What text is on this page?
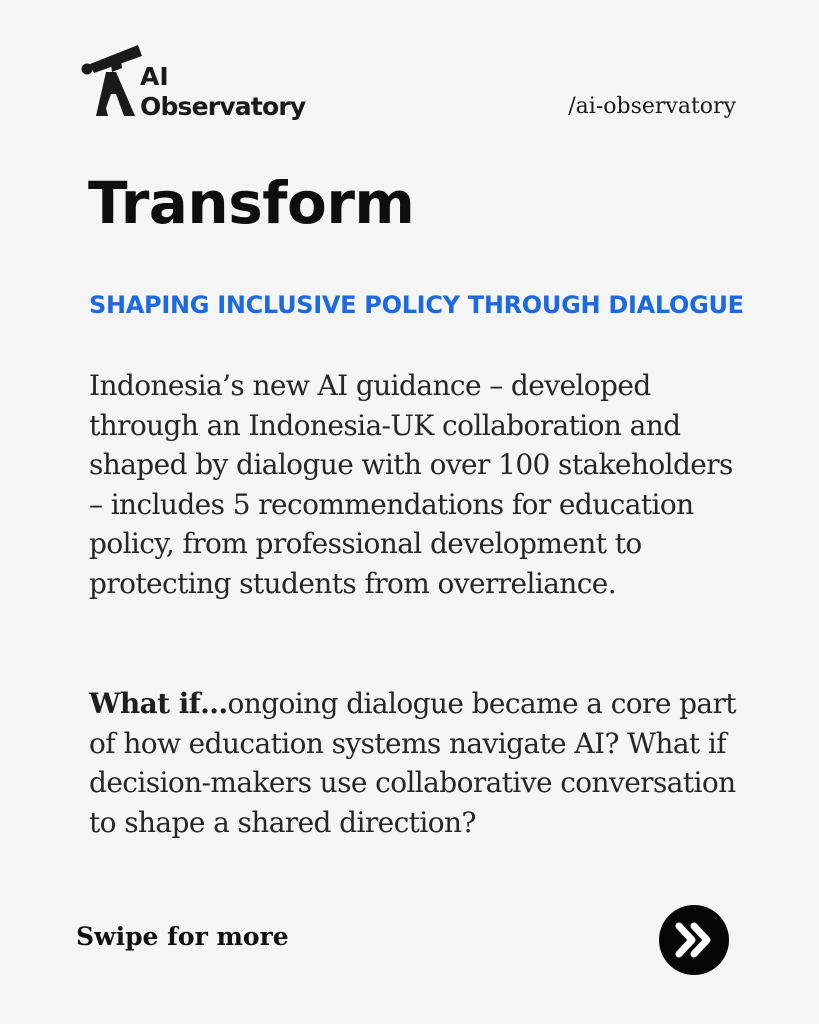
AI
Observatory	/ai-observatory
Transform
SHAPING INCLUSIVE POLICY THROUGH DIALOGUE

Indonesia’s new AI guidance – developed through an Indonesia-UK collaboration and shaped by dialogue with over 100 stakeholders – includes 5 recommendations for education policy, from professional development to protecting students from overreliance.

What if…ongoing dialogue became a core part of how education systems navigate AI? What if decision-makers use collaborative conversation to shape a shared direction?

Swipe for more
